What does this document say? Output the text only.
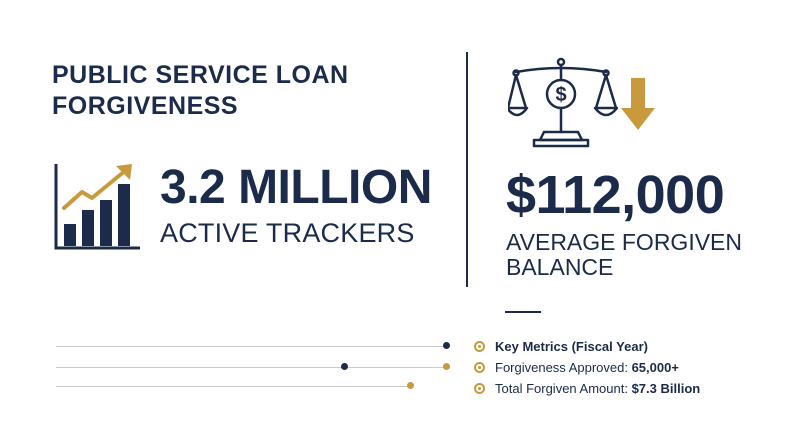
PUBLIC SERVICE LOAN
FORGIVENESS
3.2 MILLION
ACTIVE TRACKERS
$
$112,000
AVERAGE FORGIVEN
BALANCE
Key Metrics (Fiscal Year)
Forgiveness Approved: 65,000+
Total Forgiven Amount: $7.3 Billion
